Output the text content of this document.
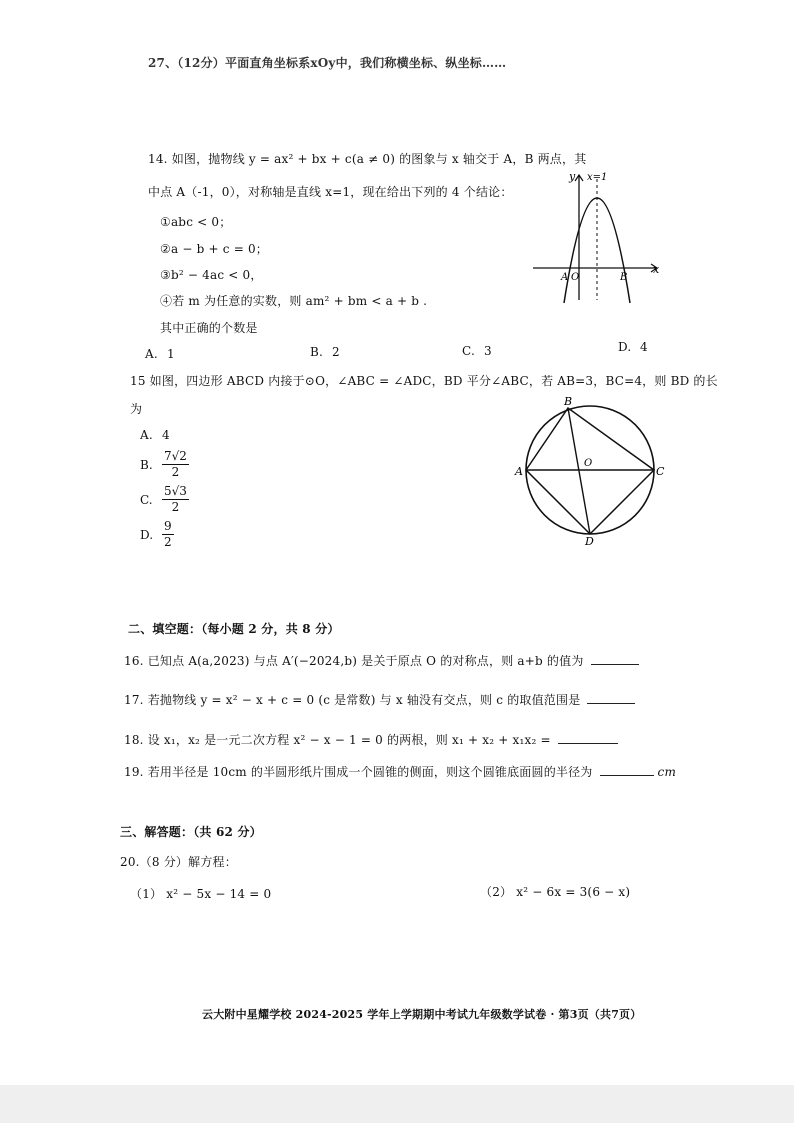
27、（12分）平面直角坐标系xOy中，我们称横坐标、纵坐标……
14. 如图，抛物线 y = ax² + bx + c(a ≠ 0) 的图象与 x 轴交于 A，B 两点，其
中点 A（-1，0），对称轴是直线 x=1，现在给出下列的 4 个结论：
①abc < 0；
②a − b + c = 0；
③b² − 4ac < 0，
④若 m 为任意的实数，则 am² + bm < a + b .
其中正确的个数是
A. 1	B. 2	C. 3	D. 4
y x=1
x
A O	B
15 如图，四边形 ABCD 内接于⊙O，∠ABC = ∠ADC，BD 平分∠ABC，若 AB=3，BC=4，则 BD 的长
为
A. 4
B. $\frac{7√2}{2}$
C. $\frac{5√3}{2}$
D. $\frac{9}{2}$
B
A	C
D
O
二、填空题：（每小题 2 分，共 8 分）
16. 已知点 A(a,2023) 与点 A′(−2024,b) 是关于原点 O 的对称点，则 a+b 的值为
17. 若抛物线 y = x² − x + c = 0 (c 是常数) 与 x 轴没有交点，则 c 的取值范围是
18. 设 x₁，x₂ 是一元二次方程 x² − x − 1 = 0 的两根，则 x₁ + x₂ + x₁x₂ =
19. 若用半径是 10cm 的半圆形纸片围成一个圆锥的侧面，则这个圆锥底面圆的半径为	cm
三、解答题：（共 62 分）
20.（8 分）解方程：
（1） x² − 5x − 14 = 0	（2） x² − 6x = 3(6 − x)
云大附中星耀学校 2024-2025 学年上学期期中考试九年级数学试卷 · 第3页（共7页）
